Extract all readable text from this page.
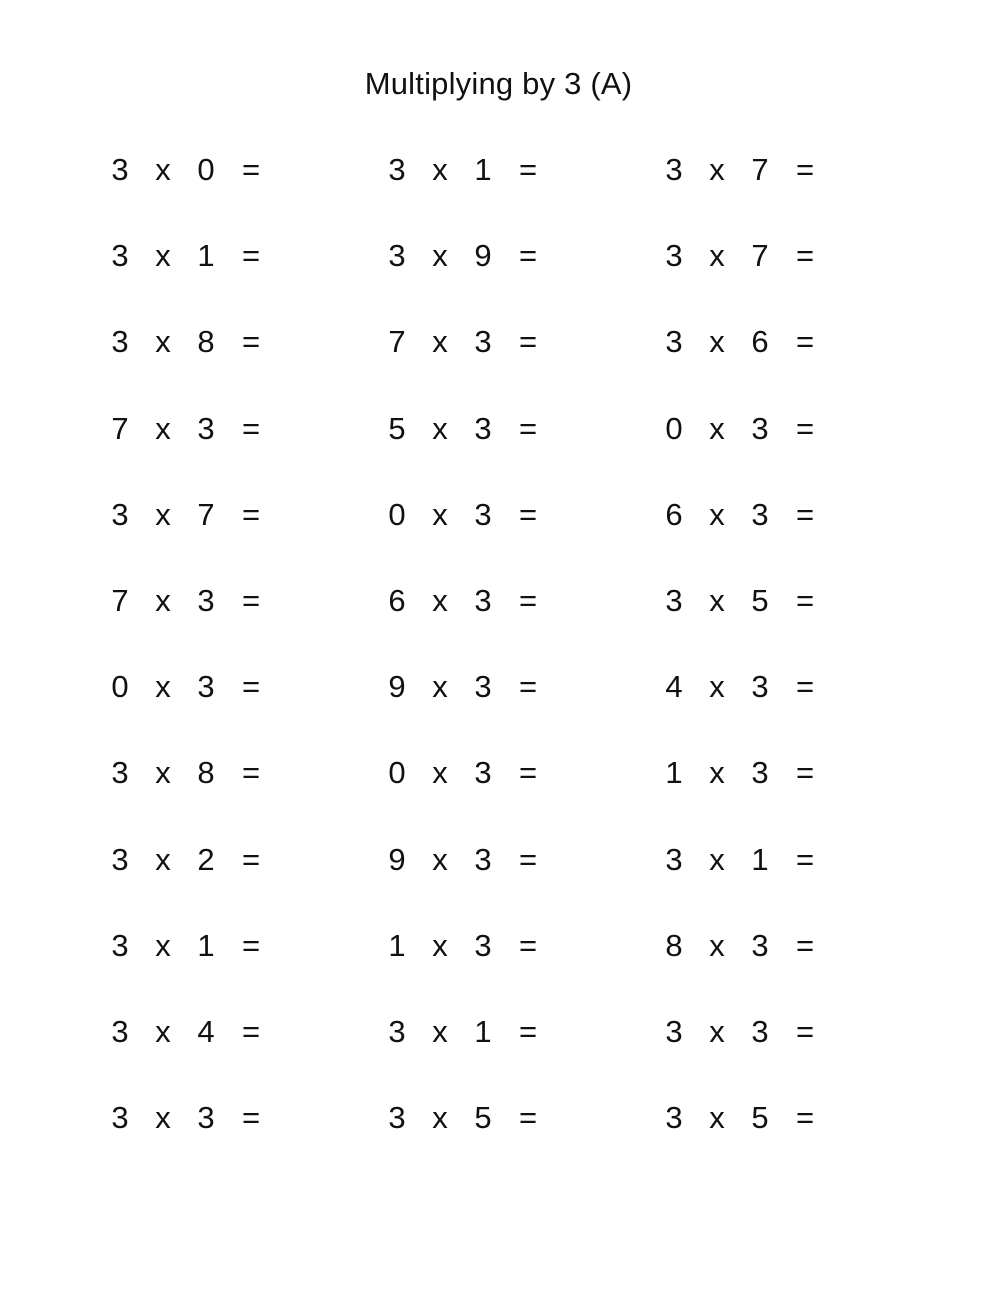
Multiplying by 3 (A)
3 x 0 =	3 x 1 =	3 x 7 =
3 x 1 =	3 x 9 =	3 x 7 =
3 x 8 =	7 x 3 =	3 x 6 =
7 x 3 =	5 x 3 =	0 x 3 =
3 x 7 =	0 x 3 =	6 x 3 =
7 x 3 =	6 x 3 =	3 x 5 =
0 x 3 =	9 x 3 =	4 x 3 =
3 x 8 =	0 x 3 =	1 x 3 =
3 x 2 =	9 x 3 =	3 x 1 =
3 x 1 =	1 x 3 =	8 x 3 =
3 x 4 =	3 x 1 =	3 x 3 =
3 x 3 =	3 x 5 =	3 x 5 =
